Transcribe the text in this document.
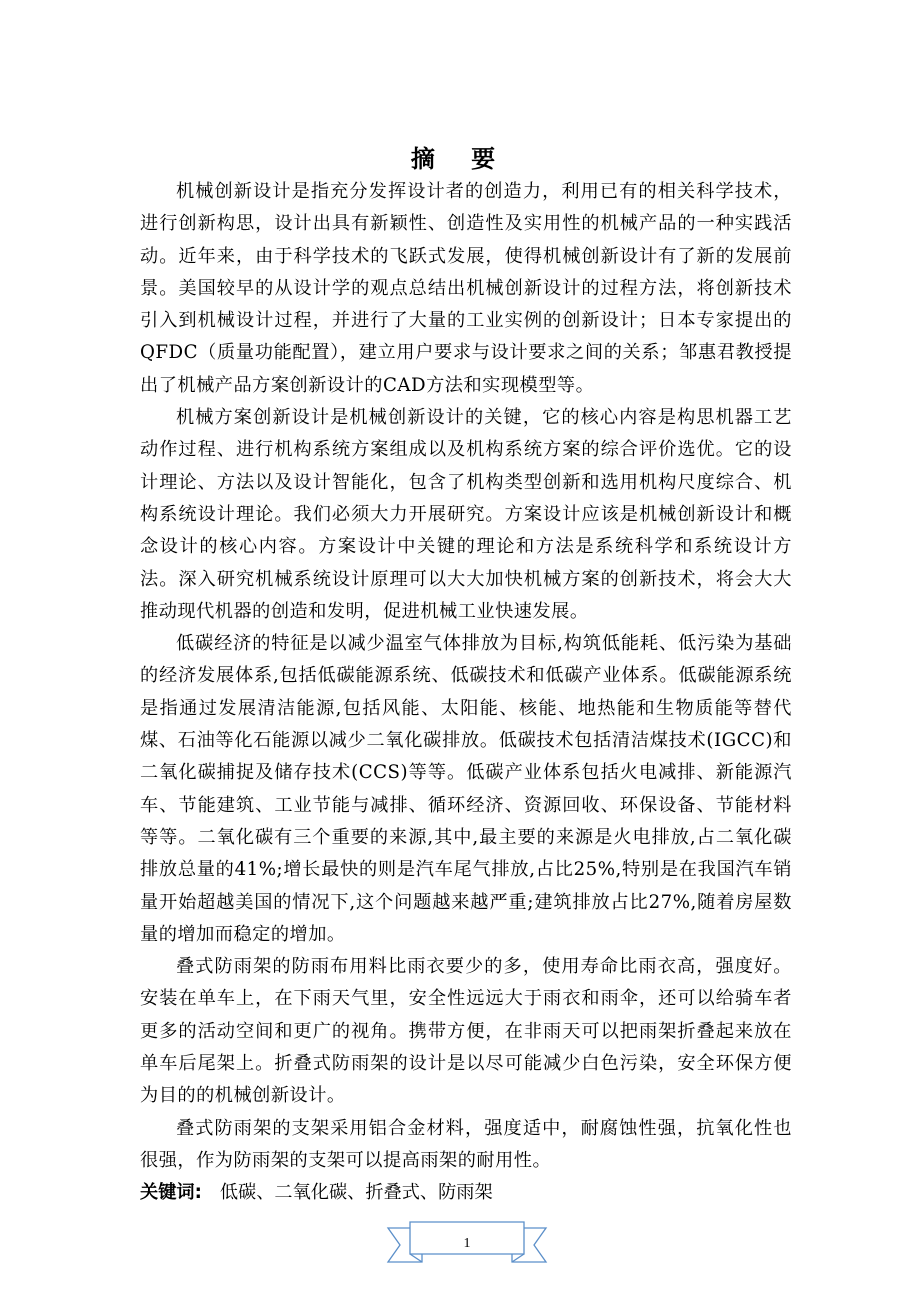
摘 要

机械创新设计是指充分发挥设计者的创造力，利用已有的相关科学技术，进行创新构思，设计出具有新颖性、创造性及实用性的机械产品的一种实践活动。近年来，由于科学技术的飞跃式发展，使得机械创新设计有了新的发展前景。美国较早的从设计学的观点总结出机械创新设计的过程方法，将创新技术引入到机械设计过程，并进行了大量的工业实例的创新设计；日本专家提出的QFDC（质量功能配置），建立用户要求与设计要求之间的关系；邹惠君教授提出了机械产品方案创新设计的CAD方法和实现模型等。

机械方案创新设计是机械创新设计的关键，它的核心内容是构思机器工艺动作过程、进行机构系统方案组成以及机构系统方案的综合评价选优。它的设计理论、方法以及设计智能化，包含了机构类型创新和选用机构尺度综合、机构系统设计理论。我们必须大力开展研究。方案设计应该是机械创新设计和概念设计的核心内容。方案设计中关键的理论和方法是系统科学和系统设计方法。深入研究机械系统设计原理可以大大加快机械方案的创新技术，将会大大推动现代机器的创造和发明，促进机械工业快速发展。

低碳经济的特征是以减少温室气体排放为目标,构筑低能耗、低污染为基础的经济发展体系,包括低碳能源系统、低碳技术和低碳产业体系。低碳能源系统是指通过发展清洁能源,包括风能、太阳能、核能、地热能和生物质能等替代煤、石油等化石能源以减少二氧化碳排放。低碳技术包括清洁煤技术(IGCC)和二氧化碳捕捉及储存技术(CCS)等等。低碳产业体系包括火电减排、新能源汽车、节能建筑、工业节能与减排、循环经济、资源回收、环保设备、节能材料等等。二氧化碳有三个重要的来源,其中,最主要的来源是火电排放,占二氧化碳排放总量的41%;增长最快的则是汽车尾气排放,占比25%,特别是在我国汽车销量开始超越美国的情况下,这个问题越来越严重;建筑排放占比27%,随着房屋数量的增加而稳定的增加。

叠式防雨架的防雨布用料比雨衣要少的多，使用寿命比雨衣高，强度好。安装在单车上，在下雨天气里，安全性远远大于雨衣和雨伞，还可以给骑车者更多的活动空间和更广的视角。携带方便，在非雨天可以把雨架折叠起来放在单车后尾架上。折叠式防雨架的设计是以尽可能减少白色污染，安全环保方便为目的的机械创新设计。

叠式防雨架的支架采用铝合金材料，强度适中，耐腐蚀性强，抗氧化性也很强，作为防雨架的支架可以提高雨架的耐用性。

关键词: 低碳、二氧化碳、折叠式、防雨架

1
